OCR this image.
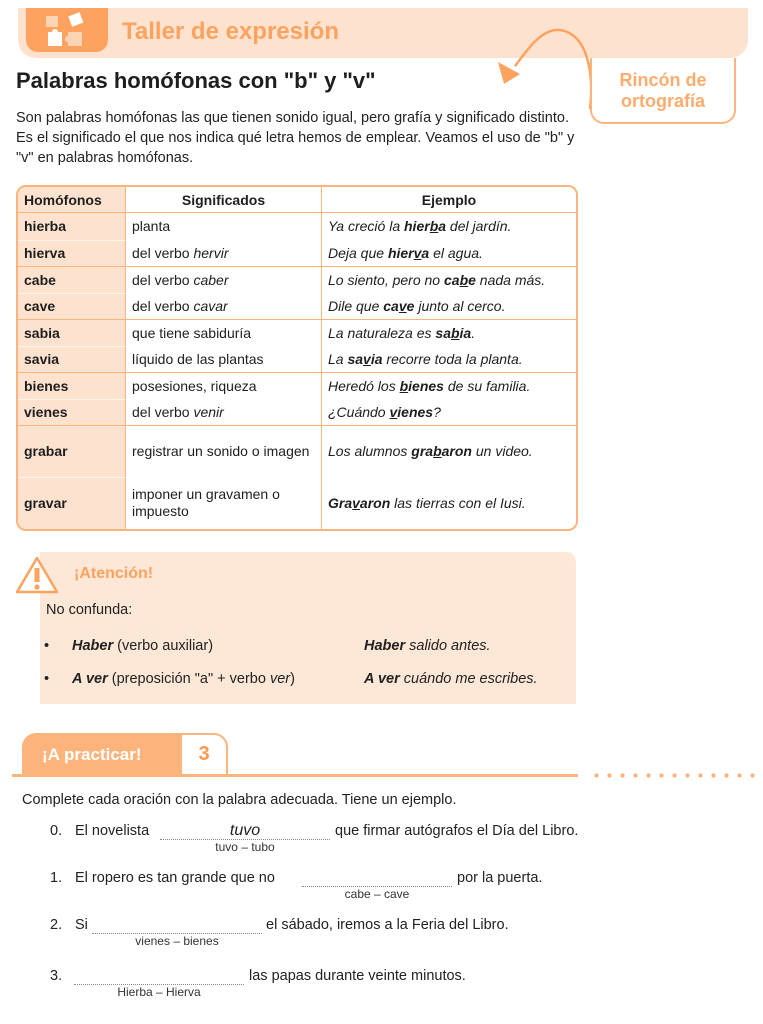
Taller de expresión
Rincón de
ortografía
Palabras homófonas con "b" y "v"
Son palabras homófonas las que tienen sonido igual, pero grafía y significado distinto. Es el significado el que nos indica qué letra hemos de emplear. Veamos el uso de "b" y "v" en palabras homófonas.
Homófonos	Significados	Ejemplo
hierba	planta	Ya creció la hierba del jardín.
hierva	del verbo hervir	Deja que hierva el agua.
cabe	del verbo caber	Lo siento, pero no cabe nada más.
cave	del verbo cavar	Dile que cave junto al cerco.
sabia	que tiene sabiduría	La naturaleza es sabia.
savia	líquido de las plantas	La savia recorre toda la planta.
bienes	posesiones, riqueza	Heredó los bienes de su familia.
vienes	del verbo venir	¿Cuándo vienes?
grabar	registrar un sonido o imagen	Los alumnos grabaron un video.
gravar	imponer un gravamen o impuesto	Gravaron las tierras con el Iusi.
¡Atención!
No confunda:
• Haber (verbo auxiliar)	Haber salido antes.
• A ver (preposición "a" + verbo ver)	A ver cuándo me escribes.
¡A practicar!	3
Complete cada oración con la palabra adecuada. Tiene un ejemplo.
0. El novelista	que firmar autógrafos el Día del Libro.
tuvo
tuvo – tubo
1. El ropero es tan grande que no	por la puerta.
cabe – cave
2. Si	el sábado, iremos a la Feria del Libro.
vienes – bienes
3.	las papas durante veinte minutos.
Hierba – Hierva
